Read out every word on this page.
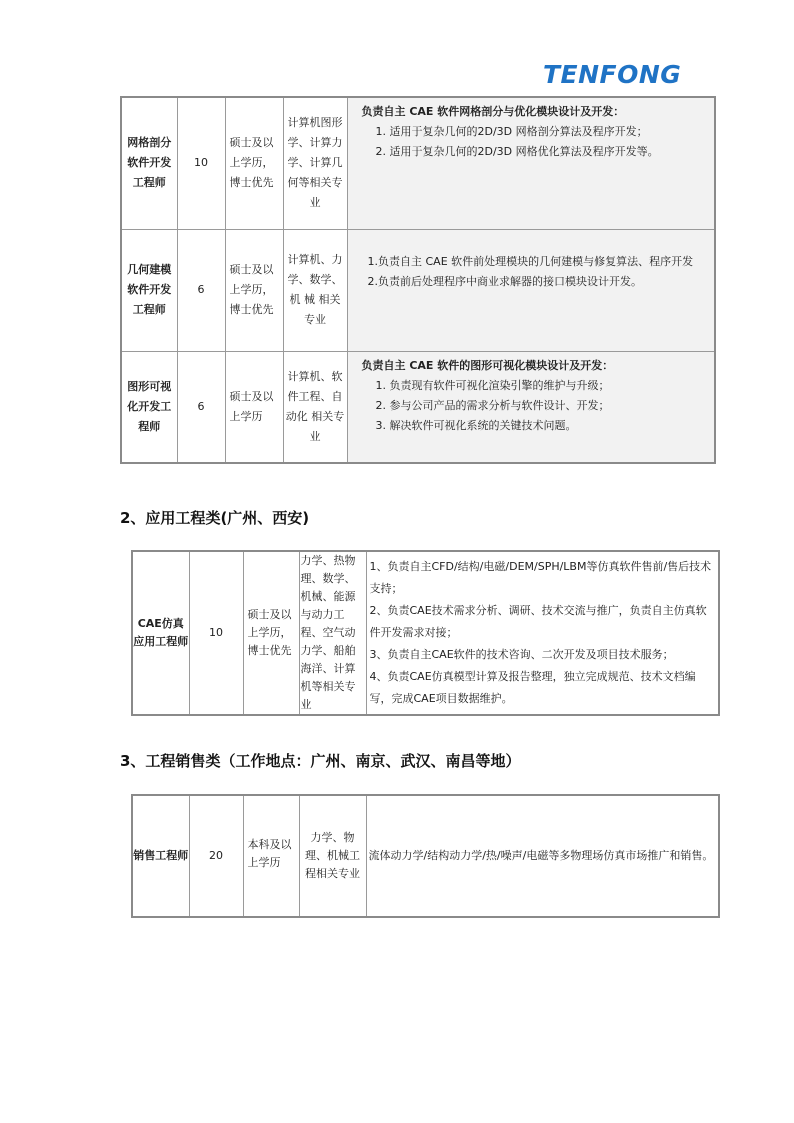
TENFONG
网格剖分软件开发工程师	10	硕士及以上学历，博士优先	计算机图形学、计算力学、计算几何等相关专业	负责自主 CAE 软件网格剖分与优化模块设计及开发：
1. 适用于复杂几何的2D/3D 网格剖分算法及程序开发；
2. 适用于复杂几何的2D/3D 网格优化算法及程序开发等。

几何建模软件开发工程师	6	硕士及以上学历，博士优先	计算机、力学、数学、机 械 相关专业	1.负责自主 CAE 软件前处理模块的几何建模与修复算法、程序开发
2.负责前后处理程序中商业求解器的接口模块设计开发。

图形可视化开发工程师	6	硕士及以上学历	计算机、软件工程、自动化 相关专业	负责自主 CAE 软件的图形可视化模块设计及开发：
1. 负责现有软件可视化渲染引擎的维护与升级；
2. 参与公司产品的需求分析与软件设计、开发；
3. 解决软件可视化系统的关键技术问题。
2、应用工程类(广州、西安)
CAE仿真应用工程师	10	硕士及以上学历，博士优先	力学、热物理、数学、机械、能源与动力工程、空气动力学、船舶海洋、计算机等相关专业	
1、负责自主CFD/结构/电磁/DEM/SPH/LBM等仿真软件售前/售后技术支持；
2、负责CAE技术需求分析、调研、技术交流与推广，负责自主仿真软件开发需求对接；
3、负责自主CAE软件的技术咨询、二次开发及项目技术服务；
4、负责CAE仿真模型计算及报告整理，独立完成规范、技术文档编写，完成CAE项目数据维护。
3、工程销售类（工作地点：广州、南京、武汉、南昌等地）
销售工程师	20	本科及以上学历	力学、物理、机械工程相关专业	流体动力学/结构动力学/热/噪声/电磁等多物理场仿真市场推广和销售。
